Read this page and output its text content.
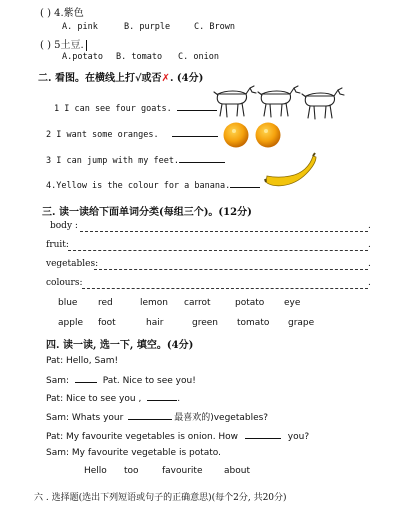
( ) 4.紫色
A. pink	B. purple	C. Brown
( ) 5土豆.
A.potato B. tomato C. onion
二. 看图。在横线上打√或否✗. (4分)
1 I can see four goats.
2 I want some oranges.
3 I can jump with my feet.
4.Yellow is the colour for a banana.
三. 读一读给下面单词分类(每组三个)。(12分)
body :	.
fruit:	.
vegetables:	.
colours:	.
blue red	lemon carrot	potato eye
apple foot	hair	green tomato grape
四. 读一读, 选一下, 填空。(4分)
Pat: Hello, Sam!
Sam:	Pat. Nice to see you!
Pat: Nice to see you ,	.
Sam: Whats your	最喜欢的)vegetables?
Pat: My favourite vegetables is onion. How	you?
Sam: My favourite vegetable is potato.
Hello too	favourite about
六 . 选择题(选出下列短语或句子的正确意思)(每个2分, 共20分)
